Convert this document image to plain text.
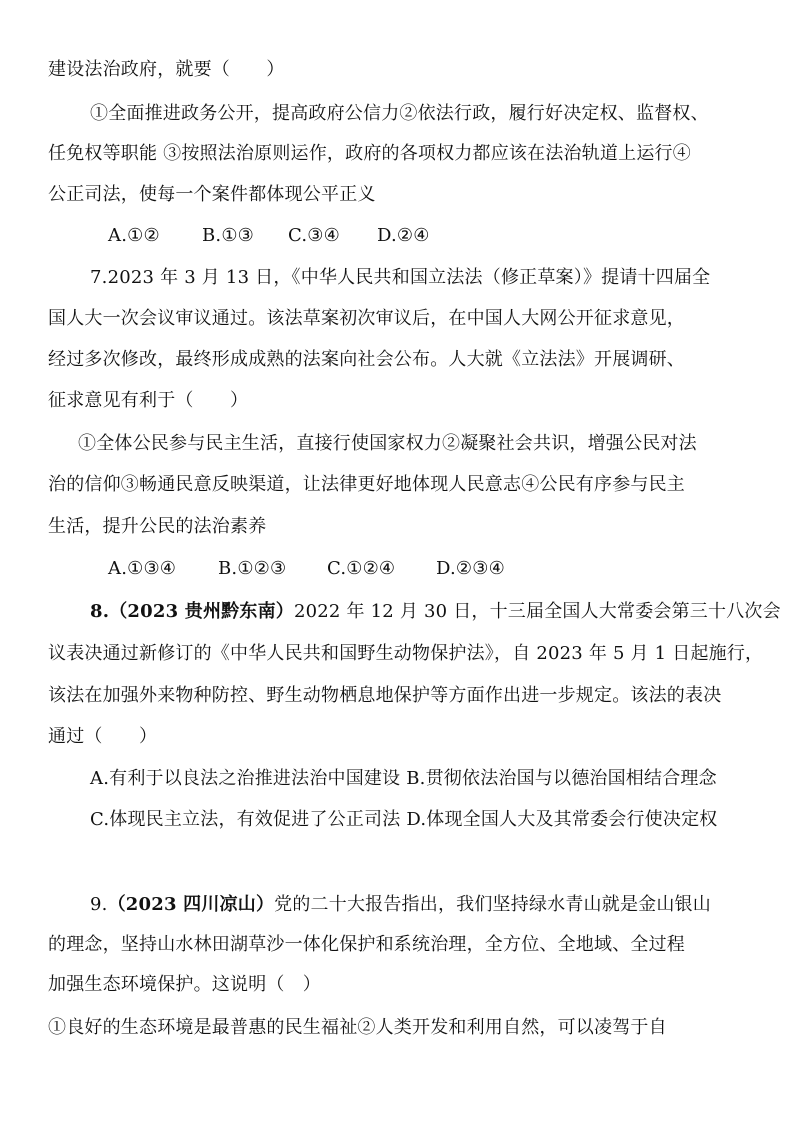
建设法治政府，就要（　　）
①全面推进政务公开，提高政府公信力②依法行政，履行好决定权、监督权、
任免权等职能 ③按照法治原则运作，政府的各项权力都应该在法治轨道上运行④
公正司法，使每一个案件都体现公平正义
A.①② B.①③ C.③④ D.②④
7.2023 年 3 月 13 日，《中华人民共和国立法法（修正草案）》提请十四届全
国人大一次会议审议通过。该法草案初次审议后，在中国人大网公开征求意见，
经过多次修改，最终形成成熟的法案向社会公布。人大就《立法法》开展调研、
征求意见有利于（　　）
①全体公民参与民主生活，直接行使国家权力②凝聚社会共识，增强公民对法
治的信仰③畅通民意反映渠道，让法律更好地体现人民意志④公民有序参与民主
生活，提升公民的法治素养
A.①③④ B.①②③ C.①②④ D.②③④
8.（2023 贵州黔东南）2022 年 12 月 30 日，十三届全国人大常委会第三十八次会
议表决通过新修订的《中华人民共和国野生动物保护法》，自 2023 年 5 月 1 日起施行，
该法在加强外来物种防控、野生动物栖息地保护等方面作出进一步规定。该法的表决
通过（　　）
A.有利于以良法之治推进法治中国建设 B.贯彻依法治国与以德治国相结合理念
C.体现民主立法，有效促进了公正司法 D.体现全国人大及其常委会行使决定权
9.（2023 四川凉山）党的二十大报告指出，我们坚持绿水青山就是金山银山
的理念，坚持山水林田湖草沙一体化保护和系统治理，全方位、全地域、全过程
加强生态环境保护。这说明（　）
①良好的生态环境是最普惠的民生福祉②人类开发和利用自然，可以凌驾于自
